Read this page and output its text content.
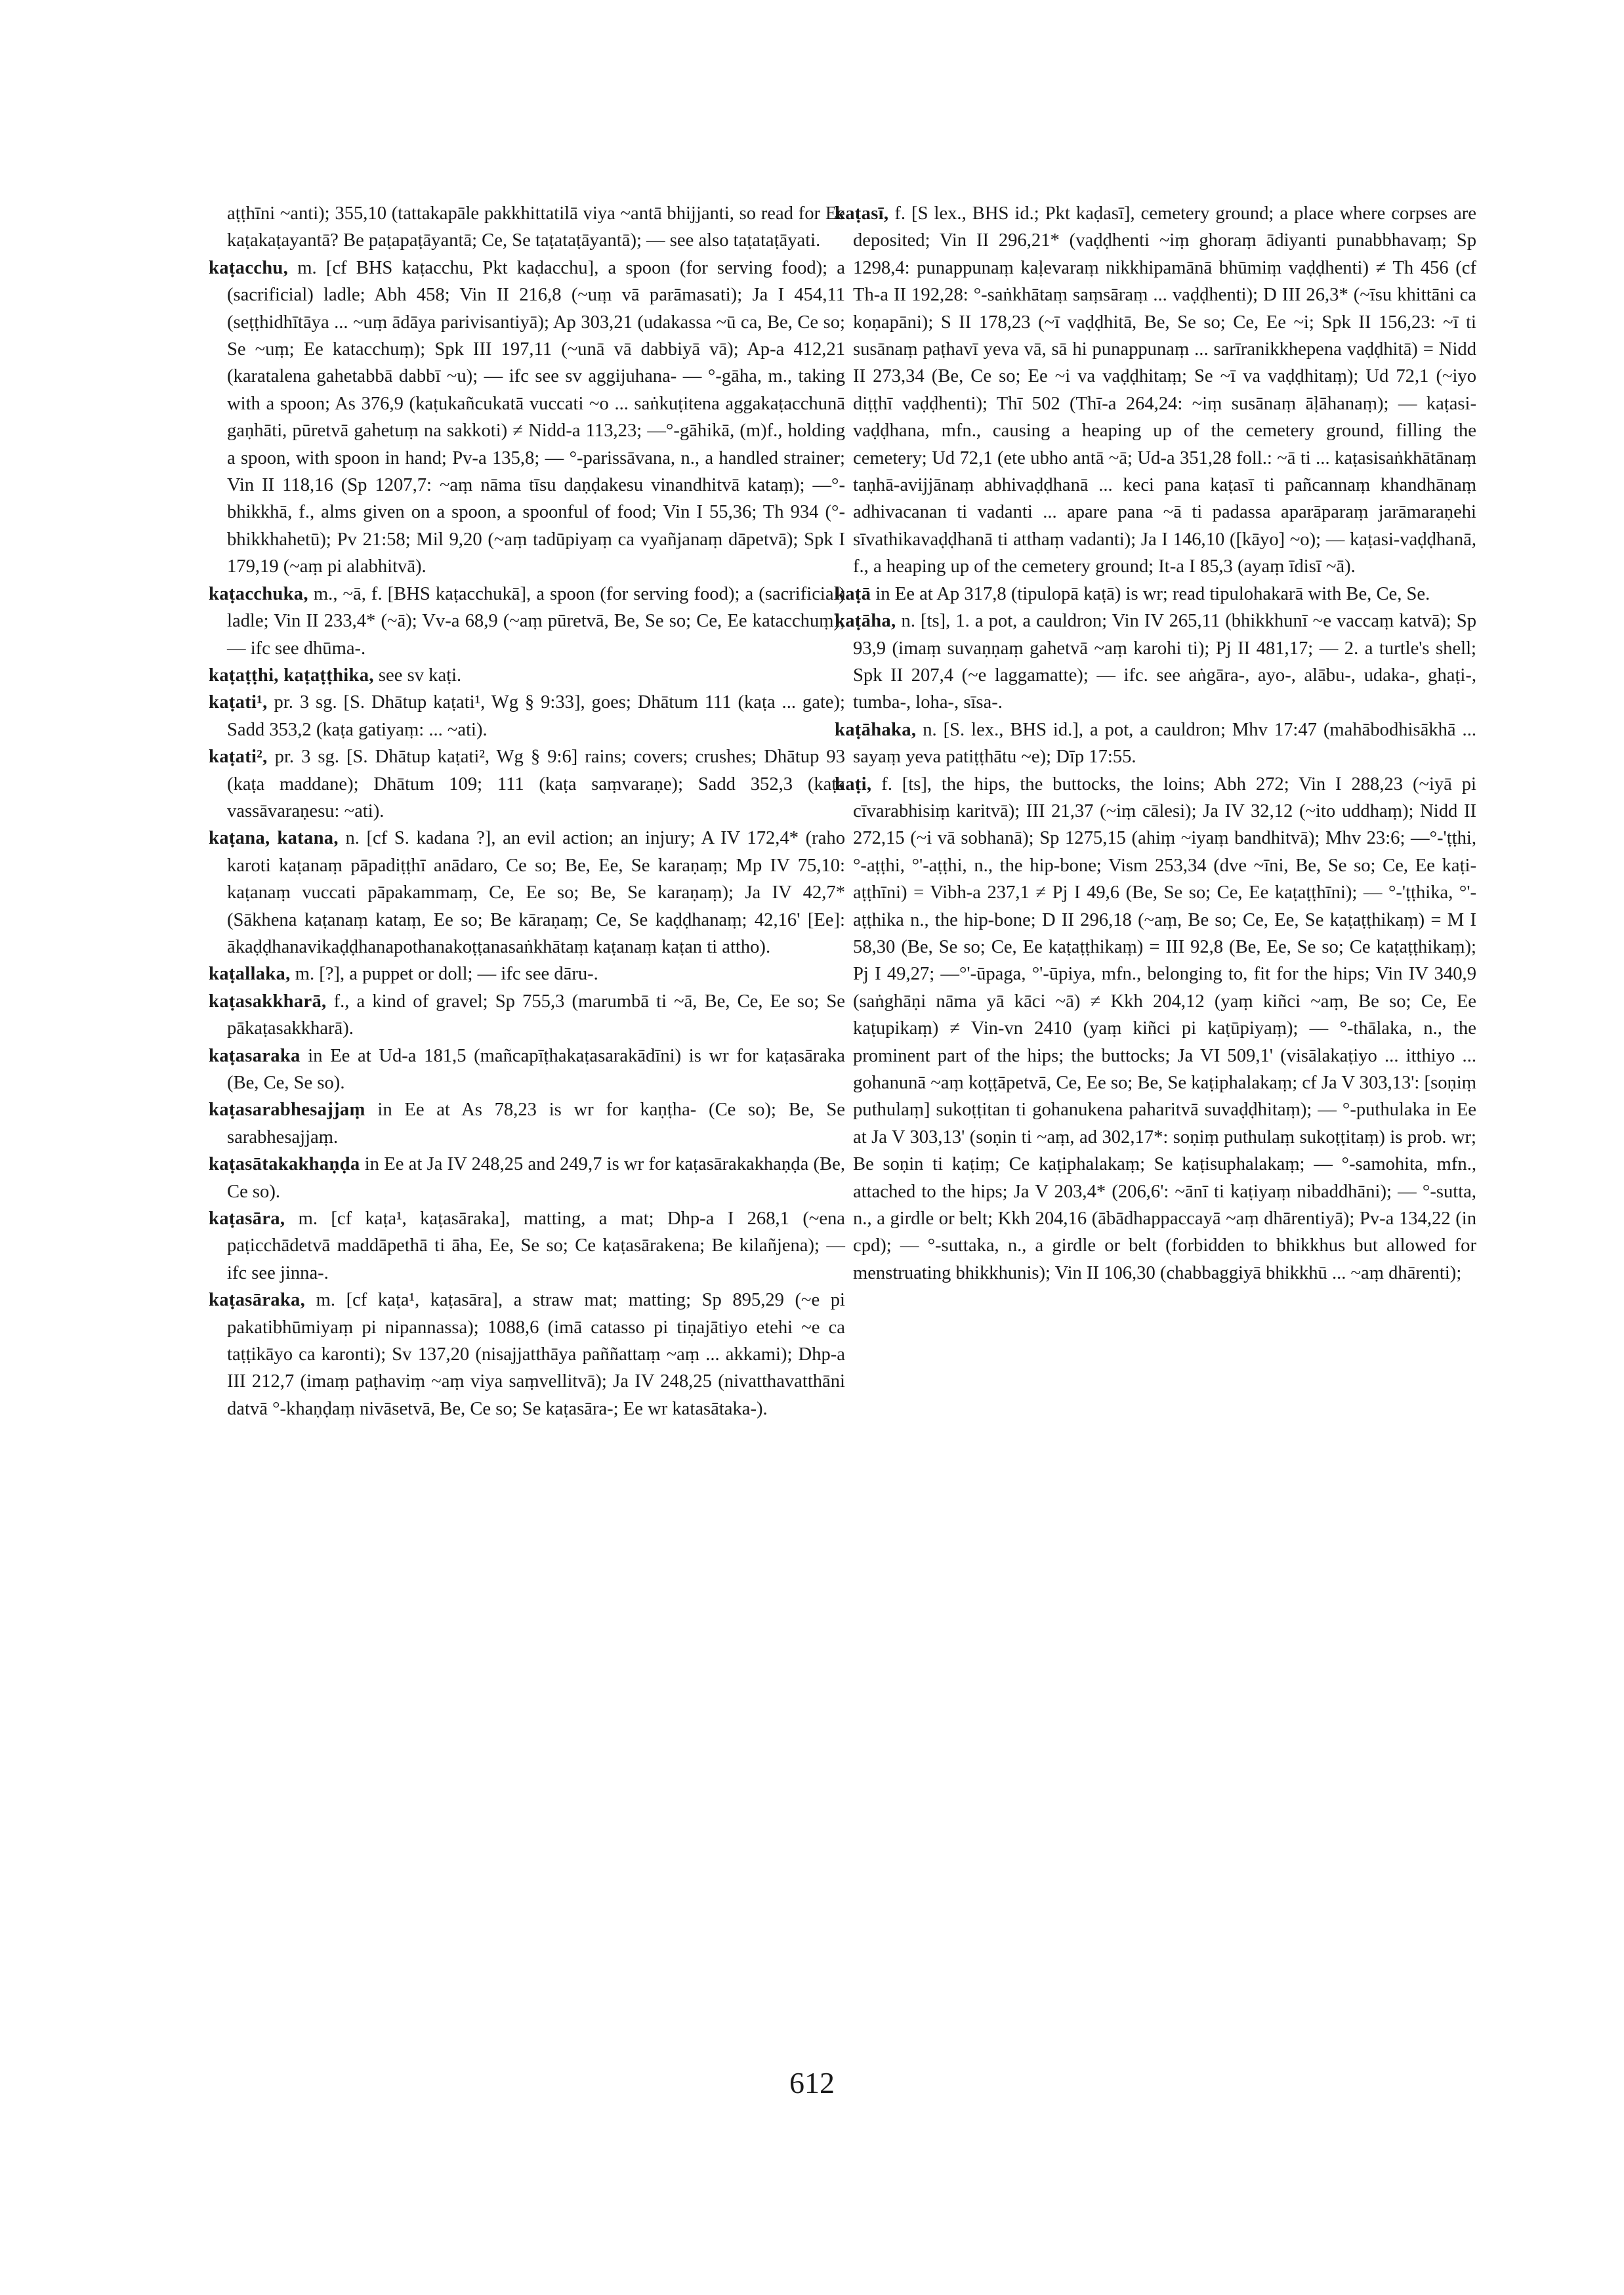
aṭṭhīni ~anti); 355,10 (tattakapāle pakkhittatilā viya ~antā bhijjanti, so read for Ee kaṭakaṭayantā? Be paṭapaṭāyantā; Ce, Se taṭataṭāyantā); — see also taṭataṭāyati.

kaṭacchu, m. [cf BHS kaṭacchu, Pkt kaḍacchu], a spoon (for serving food); a (sacrificial) ladle; Abh 458; Vin II 216,8 (~uṃ vā parāmasati); Ja I 454,11 (seṭṭhidhītāya ... ~uṃ ādāya parivisantiyā); Ap 303,21 (udakassa ~ū ca, Be, Ce so; Se ~uṃ; Ee katacchuṃ); Spk III 197,11 (~unā vā dabbiyā vā); Ap-a 412,21 (karatalena gahetabbā dabbī ~u); — ifc see sv aggijuhana- — °-gāha, m., taking with a spoon; As 376,9 (kaṭukañcukatā vuccati ~o ... saṅkuṭitena aggakaṭacchunā gaṇhāti, pūretvā gahetuṃ na sakkoti) ≠ Nidd-a 113,23; —°-gāhikā, (m)f., holding a spoon, with spoon in hand; Pv-a 135,8; — °-parissāvana, n., a handled strainer; Vin II 118,16 (Sp 1207,7: ~aṃ nāma tīsu daṇḍakesu vinandhitvā kataṃ); —°-bhikkhā, f., alms given on a spoon, a spoonful of food; Vin I 55,36; Th 934 (°-bhikkhahetū); Pv 21:58; Mil 9,20 (~aṃ tadūpiyaṃ ca vyañjanaṃ dāpetvā); Spk I 179,19 (~aṃ pi alabhitvā).

kaṭacchuka, m., ~ā, f. [BHS kaṭacchukā], a spoon (for serving food); a (sacrificial) ladle; Vin II 233,4* (~ā); Vv-a 68,9 (~aṃ pūretvā, Be, Se so; Ce, Ee katacchuṃ); — ifc see dhūma-.

kaṭaṭṭhi, kaṭaṭṭhika, see sv kaṭi.

kaṭati¹, pr. 3 sg. [S. Dhātup kaṭati¹, Wg § 9:33], goes; Dhātum 111 (kaṭa ... gate); Sadd 353,2 (kaṭa gatiyaṃ: ... ~ati).

kaṭati², pr. 3 sg. [S. Dhātup kaṭati², Wg § 9:6] rains; covers; crushes; Dhātup 93 (kaṭa maddane); Dhātum 109; 111 (kaṭa saṃvaraṇe); Sadd 352,3 (kaṭa vassāvaraṇesu: ~ati).

kaṭana, katana, n. [cf S. kadana ?], an evil action; an injury; A IV 172,4* (raho karoti kaṭanaṃ pāpadiṭṭhī anādaro, Ce so; Be, Ee, Se karaṇaṃ; Mp IV 75,10: kaṭanaṃ vuccati pāpakammaṃ, Ce, Ee so; Be, Se karaṇaṃ); Ja IV 42,7* (Sākhena kaṭanaṃ kataṃ, Ee so; Be kāraṇaṃ; Ce, Se kaḍḍhanaṃ; 42,16' [Ee]: ākaḍḍhanavikaḍḍhanapothanakoṭṭanasaṅkhātaṃ kaṭanaṃ kaṭan ti attho).

kaṭallaka, m. [?], a puppet or doll; — ifc see dāru-.

kaṭasakkharā, f., a kind of gravel; Sp 755,3 (marumbā ti ~ā, Be, Ce, Ee so; Se pākaṭasakkharā).

kaṭasaraka in Ee at Ud-a 181,5 (mañcapīṭhakaṭasarakādīni) is wr for kaṭasāraka (Be, Ce, Se so).

kaṭasarabhesajjaṃ in Ee at As 78,23 is wr for kaṇṭha- (Ce so); Be, Se sarabhesajjaṃ.

kaṭasātakakhaṇḍa in Ee at Ja IV 248,25 and 249,7 is wr for kaṭasārakakhaṇḍa (Be, Ce so).

kaṭasāra, m. [cf kaṭa¹, kaṭasāraka], matting, a mat; Dhp-a I 268,1 (~ena paṭicchādetvā maddāpethā ti āha, Ee, Se so; Ce kaṭasārakena; Be kilañjena); — ifc see jinna-.

kaṭasāraka, m. [cf kaṭa¹, kaṭasāra], a straw mat; matting; Sp 895,29 (~e pi pakatibhūmiyaṃ pi nipannassa); 1088,6 (imā catasso pi tiṇajātiyo etehi ~e ca taṭṭikāyo ca karonti); Sv 137,20 (nisajjatthāya paññattaṃ ~aṃ ... akkami); Dhp-a III 212,7 (imaṃ paṭhaviṃ ~aṃ viya saṃvellitvā); Ja IV 248,25 (nivatthavatthāni datvā °-khaṇḍaṃ nivāsetvā, Be, Ce so; Se kaṭasāra-; Ee wr katasātaka-).

kaṭasī, f. [S lex., BHS id.; Pkt kaḍasī], cemetery ground; a place where corpses are deposited; Vin II 296,21* (vaḍḍhenti ~iṃ ghoraṃ ādiyanti punabbhavaṃ; Sp 1298,4: punappunaṃ kaḷevaraṃ nikkhipamānā bhūmiṃ vaḍḍhenti) ≠ Th 456 (cf Th-a II 192,28: °-saṅkhātaṃ saṃsāraṃ ... vaḍḍhenti); D III 26,3* (~īsu khittāni ca koṇapāni); S II 178,23 (~ī vaḍḍhitā, Be, Se so; Ce, Ee ~i; Spk II 156,23: ~ī ti susānaṃ paṭhavī yeva vā, sā hi punappunaṃ ... sarīranikkhepena vaḍḍhitā) = Nidd II 273,34 (Be, Ce so; Ee ~i va vaḍḍhitaṃ; Se ~ī va vaḍḍhitaṃ); Ud 72,1 (~iyo diṭṭhī vaḍḍhenti); Thī 502 (Thī-a 264,24: ~iṃ susānaṃ āḷāhanaṃ); — kaṭasi-vaḍḍhana, mfn., causing a heaping up of the cemetery ground, filling the cemetery; Ud 72,1 (ete ubho antā ~ā; Ud-a 351,28 foll.: ~ā ti ... kaṭasisaṅkhātānaṃ taṇhā-avijjānaṃ abhivaḍḍhanā ... keci pana kaṭasī ti pañcannaṃ khandhānaṃ adhivacanan ti vadanti ... apare pana ~ā ti padassa aparāparaṃ jarāmaraṇehi sīvathikavaḍḍhanā ti atthaṃ vadanti); Ja I 146,10 ([kāyo] ~o); — kaṭasi-vaḍḍhanā, f., a heaping up of the cemetery ground; It-a I 85,3 (ayaṃ īdisī ~ā).

kaṭā in Ee at Ap 317,8 (tipulopā kaṭā) is wr; read tipulohakarā with Be, Ce, Se.

kaṭāha, n. [ts], 1. a pot, a cauldron; Vin IV 265,11 (bhikkhunī ~e vaccaṃ katvā); Sp 93,9 (imaṃ suvaṇṇaṃ gahetvā ~aṃ karohi ti); Pj II 481,17; — 2. a turtle's shell; Spk II 207,4 (~e laggamatte); — ifc. see aṅgāra-, ayo-, alābu-, udaka-, ghaṭi-, tumba-, loha-, sīsa-.

kaṭāhaka, n. [S. lex., BHS id.], a pot, a cauldron; Mhv 17:47 (mahābodhisākhā ... sayaṃ yeva patiṭṭhātu ~e); Dīp 17:55.

kaṭi, f. [ts], the hips, the buttocks, the loins; Abh 272; Vin I 288,23 (~iyā pi cīvarabhisiṃ karitvā); III 21,37 (~iṃ cālesi); Ja IV 32,12 (~ito uddhaṃ); Nidd II 272,15 (~i vā sobhanā); Sp 1275,15 (ahiṃ ~iyaṃ bandhitvā); Mhv 23:6; —°-'ṭṭhi, °-aṭṭhi, °'-aṭṭhi, n., the hip-bone; Vism 253,34 (dve ~īni, Be, Se so; Ce, Ee kaṭi-aṭṭhīni) = Vibh-a 237,1 ≠ Pj I 49,6 (Be, Se so; Ce, Ee kaṭaṭṭhīni); — °-'ṭṭhika, °'-aṭṭhika n., the hip-bone; D II 296,18 (~aṃ, Be so; Ce, Ee, Se kaṭaṭṭhikaṃ) = M I 58,30 (Be, Se so; Ce, Ee kaṭaṭṭhikaṃ) = III 92,8 (Be, Ee, Se so; Ce kaṭaṭṭhikaṃ); Pj I 49,27; —°'-ūpaga, °'-ūpiya, mfn., belonging to, fit for the hips; Vin IV 340,9 (saṅghāṇi nāma yā kāci ~ā) ≠ Kkh 204,12 (yaṃ kiñci ~aṃ, Be so; Ce, Ee kaṭupikaṃ) ≠ Vin-vn 2410 (yaṃ kiñci pi kaṭūpiyaṃ); — °-thālaka, n., the prominent part of the hips; the buttocks; Ja VI 509,1' (visālakaṭiyo ... itthiyo ... gohanunā ~aṃ koṭṭāpetvā, Ce, Ee so; Be, Se kaṭiphalakaṃ; cf Ja V 303,13': [soṇiṃ puthulaṃ] sukoṭṭitan ti gohanukena paharitvā suvaḍḍhitaṃ); — °-puthulaka in Ee at Ja V 303,13' (soṇin ti ~aṃ, ad 302,17*: soṇiṃ puthulaṃ sukoṭṭitaṃ) is prob. wr; Be soṇin ti kaṭiṃ; Ce kaṭiphalakaṃ; Se kaṭisuphalakaṃ; — °-samohita, mfn., attached to the hips; Ja V 203,4* (206,6': ~ānī ti kaṭiyaṃ nibaddhāni); — °-sutta, n., a girdle or belt; Kkh 204,16 (ābādhappaccayā ~aṃ dhārentiyā); Pv-a 134,22 (in cpd); — °-suttaka, n., a girdle or belt (forbidden to bhikkhus but allowed for menstruating bhikkhunis); Vin II 106,30 (chabbaggiyā bhikkhū ... ~aṃ dhārenti);

612
